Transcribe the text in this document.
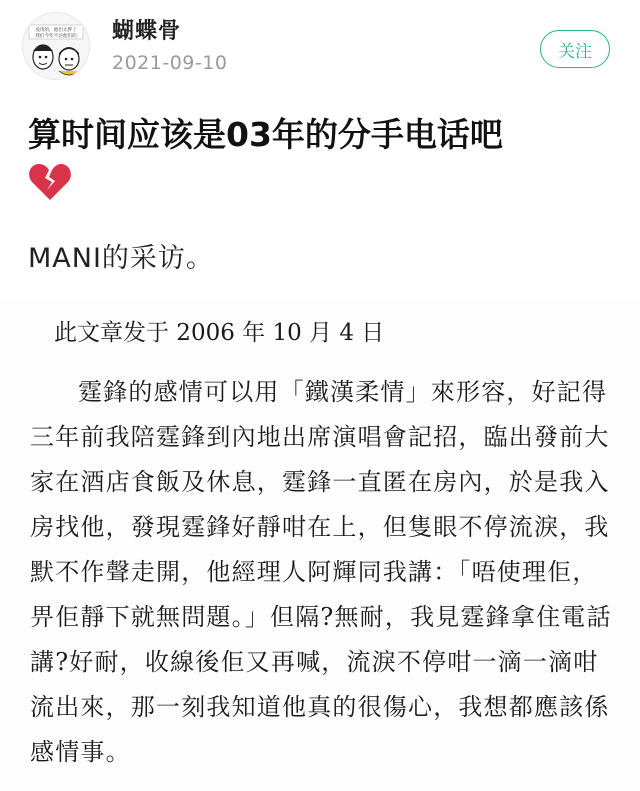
没用的，他们太胖了
我们今年不过他们的 蝴蝶骨
2021-09-10
关注
算时间应该是03年的分手电话吧
MANI的采访。
此文章发于 2006 年 10 月 4 日

霆鋒的感情可以用「鐵漢柔情」來形容，好記得三年前我陪霆鋒到內地出席演唱會記招，臨出發前大家在酒店食飯及休息，霆鋒一直匿在房內，於是我入房找他，發現霆鋒好靜咁在上，但隻眼不停流淚，我默不作聲走開，他經理人阿輝同我講：「唔使理佢，畀佢靜下就無問題。」但隔?無耐，我見霆鋒拿住電話講?好耐，收線後佢又再喊，流淚不停咁一滴一滴咁流出來，那一刻我知道他真的很傷心，我想都應該係感情事。
